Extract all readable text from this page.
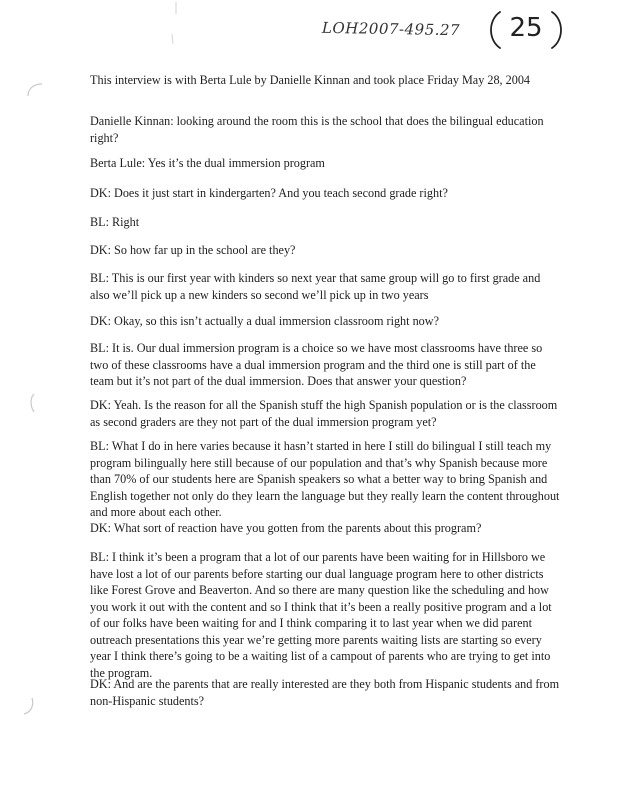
LOH2007-495.27	25

This interview is with Berta Lule by Danielle Kinnan and took place Friday May 28, 2004

Danielle Kinnan: looking around the room this is the school that does the bilingual education right?

Berta Lule: Yes it’s the dual immersion program

DK: Does it just start in kindergarten? And you teach second grade right?

BL: Right

DK: So how far up in the school are they?

BL: This is our first year with kinders so next year that same group will go to first grade and also we’ll pick up a new kinders so second we’ll pick up in two years

DK: Okay, so this isn’t actually a dual immersion classroom right now?

BL: It is. Our dual immersion program is a choice so we have most classrooms have three so two of these classrooms have a dual immersion program and the third one is still part of the team but it’s not part of the dual immersion. Does that answer your question?

DK: Yeah. Is the reason for all the Spanish stuff the high Spanish population or is the classroom as second graders are they not part of the dual immersion program yet?

BL: What I do in here varies because it hasn’t started in here I still do bilingual I still teach my program bilingually here still because of our population and that’s why Spanish because more than 70% of our students here are Spanish speakers so what a better way to bring Spanish and English together not only do they learn the language but they really learn the content throughout and more about each other.

DK: What sort of reaction have you gotten from the parents about this program?

BL: I think it’s been a program that a lot of our parents have been waiting for in Hillsboro we have lost a lot of our parents before starting our dual language program here to other districts like Forest Grove and Beaverton. And so there are many question like the scheduling and how you work it out with the content and so I think that it’s been a really positive program and a lot of our folks have been waiting for and I think comparing it to last year when we did parent outreach presentations this year we’re getting more parents waiting lists are starting so every year I think there’s going to be a waiting list of a campout of parents who are trying to get into the program.

DK: And are the parents that are really interested are they both from Hispanic students and from non-Hispanic students?
